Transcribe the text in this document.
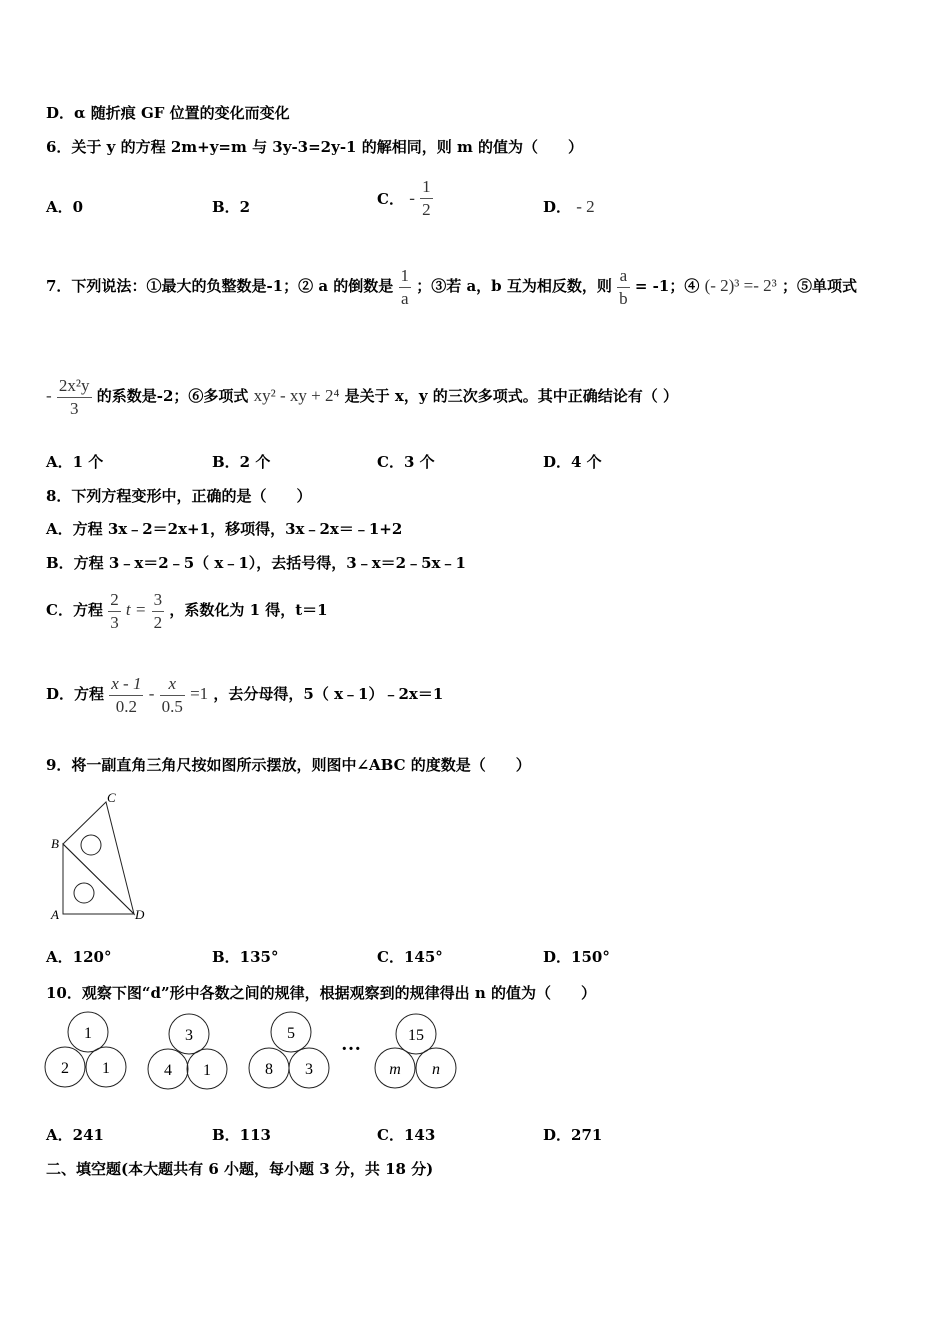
D．α 随折痕 GF 位置的变化而变化
6．关于 y 的方程 2m+y=m 与 3y-3=2y-1 的解相同，则 m 的值为（　　）
A．0	B．2	C． - $\frac{1}{2}$	D． - 2
7．下列说法：①最大的负整数是-1；② a 的倒数是 $\frac{1}{a}$ ；③若 a，b 互为相反数，则 $\frac{a}{b} = -1$；④ (- 2)³ =- 2³ ；⑤单项式
- $\frac{\text{2x²y}}{3}$ 的系数是-2；⑥多项式 xy² - xy + 2⁴ 是关于 x，y 的三次多项式。其中正确结论有（ ）
A．1 个	B．2 个	C．3 个	D．4 个
8．下列方程变形中，正确的是（　　）
A．方程 3x﹣2＝2x+1，移项得，3x﹣2x＝﹣1+2
B．方程 3﹣x＝2﹣5（ x﹣1），去括号得，3﹣x＝2﹣5x﹣1
C．方程 $\frac{2}{3}$ $t = \frac{3}{2}$ ，系数化为 1 得，t＝1
D．方程 $\frac{x - 1}{0.2} - \frac{x}{0.5} =1$ ，去分母得，5（ x﹣1）﹣2x＝1
9．将一副直角三角尺按如图所示摆放，则图中∠ABC 的度数是（　　）
C
B
A	D
A．120°	B．135°	C．145°	D．150°
10．观察下图“d”形中各数之间的规律，根据观察到的规律得出 n 的值为（　　）
1
2 1
3
4 1
5
8 3
…	15
m n
A．241	B．113	C．143	D．271
二、填空题(本大题共有 6 小题，每小题 3 分，共 18 分)
